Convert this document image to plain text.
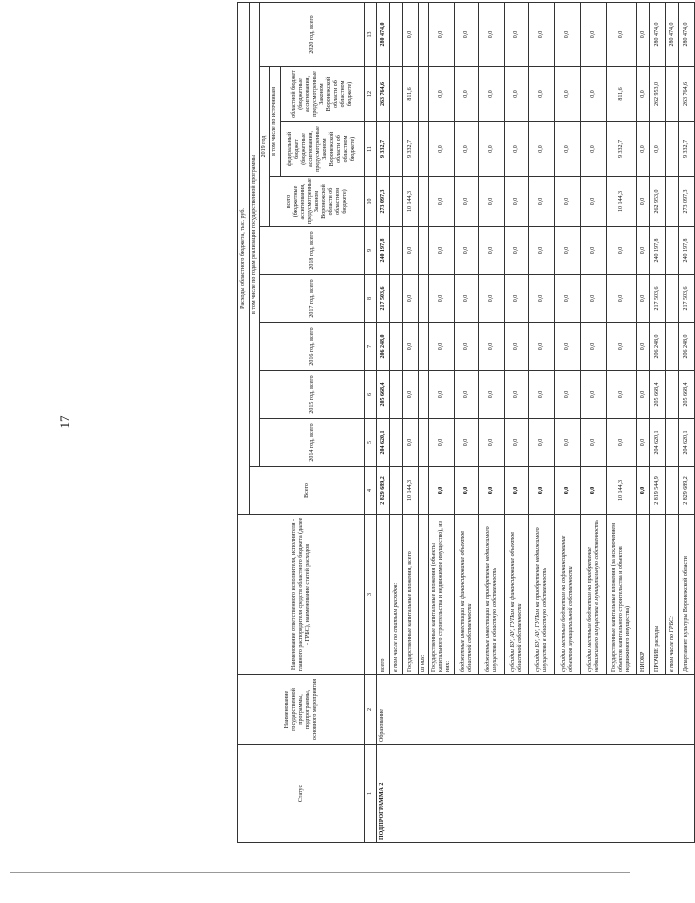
17
Статус	Наименование государственной программы, подпрограммы, основного мероприятия	Наименование ответственного исполнителя, исполнителя - главного распорядителя средств областного бюджета (далее - ГРБС), наименование статей расходов	Расходы областного бюджета, тыс. руб.
Всего	в том числе по годам реализации государственной программы
2014 год, всего	2015 год, всего	2016 год, всего	2017 год, всего	2018 год, всего	2019 год	2020 год, всего
всего (бюджетные ассигнования, предусмотренные Законом Воронежской области об областном бюджете)	
в том числе по источникамфедеральный бюджет (бюджетные ассигнования, предусмотренные Законом Воронежской области об областном бюджете)	областной бюджет (бюджетные ассигнования, предусмотренные Законом Воронежской области об областном бюджете)

1	2	3	4	5	6	7	8	9	10	11	12	13
ПОДПРОГРАММА 2	Образование	всего	2 829 689,2	204 620,1	205 668,4	206 248,0	217 503,6	240 197,8	273 097,3	9 332,7	263 764,6	280 474,0
в том числе по статьям расходов:										
Государственные капитальные вложения, всего	10 144,3	0,0	0,0	0,0	0,0	0,0	10 144,3	9 332,7	811,6	0,0
из них:										
Государственные капитальные вложения (объекты капитального строительства и недвижимое имущество), из них:	0,0	0,0	0,0	0,0	0,0	0,0	0,0	0,0	0,0	0,0
бюджетные инвестиции на финансирование объектов областной собственности	0,0	0,0	0,0	0,0	0,0	0,0	0,0	0,0	0,0	0,0
бюджетные инвестиции на приобретение недвижимого имущества в областную собственность	0,0	0,0	0,0	0,0	0,0	0,0	0,0	0,0	0,0	0,0
субсидии БУ, АУ, ГУПам на финансирование объектов областной собственности	0,0	0,0	0,0	0,0	0,0	0,0	0,0	0,0	0,0	0,0
субсидии БУ, АУ, ГУПам на приобретение недвижимого имущества в областную собственность	0,0	0,0	0,0	0,0	0,0	0,0	0,0	0,0	0,0	0,0
субсидии местным бюджетам на софинансирование объектов муниципальной собственности	0,0	0,0	0,0	0,0	0,0	0,0	0,0	0,0	0,0	0,0
субсидии местным бюджетам на приобретение недвижимого имущества в муниципальную собственность	0,0	0,0	0,0	0,0	0,0	0,0	0,0	0,0	0,0	0,0
Государственные капитальные вложения (за исключением объектов капитального строительства и объектов недвижимого имущества)	10 144,3	0,0	0,0	0,0	0,0	0,0	10 144,3	9 332,7	811,6	0,0
НИОКР	0,0	0,0	0,0	0,0	0,0	0,0	0,0	0,0	0,0	0,0
ПРОЧИЕ расходы	2 819 544,9	204 620,1	205 668,4	206 248,0	217 503,6	240 197,8	262 953,0	0,0	262 953,0	280 474,0
в том числе по ГРБС:										280 474,0
Департамент культуры Воронежской области	2 829 689,2	204 620,1	205 668,4	206 248,0	217 503,6	240 197,8	273 097,3	9 332,7	263 764,6	280 474,0
